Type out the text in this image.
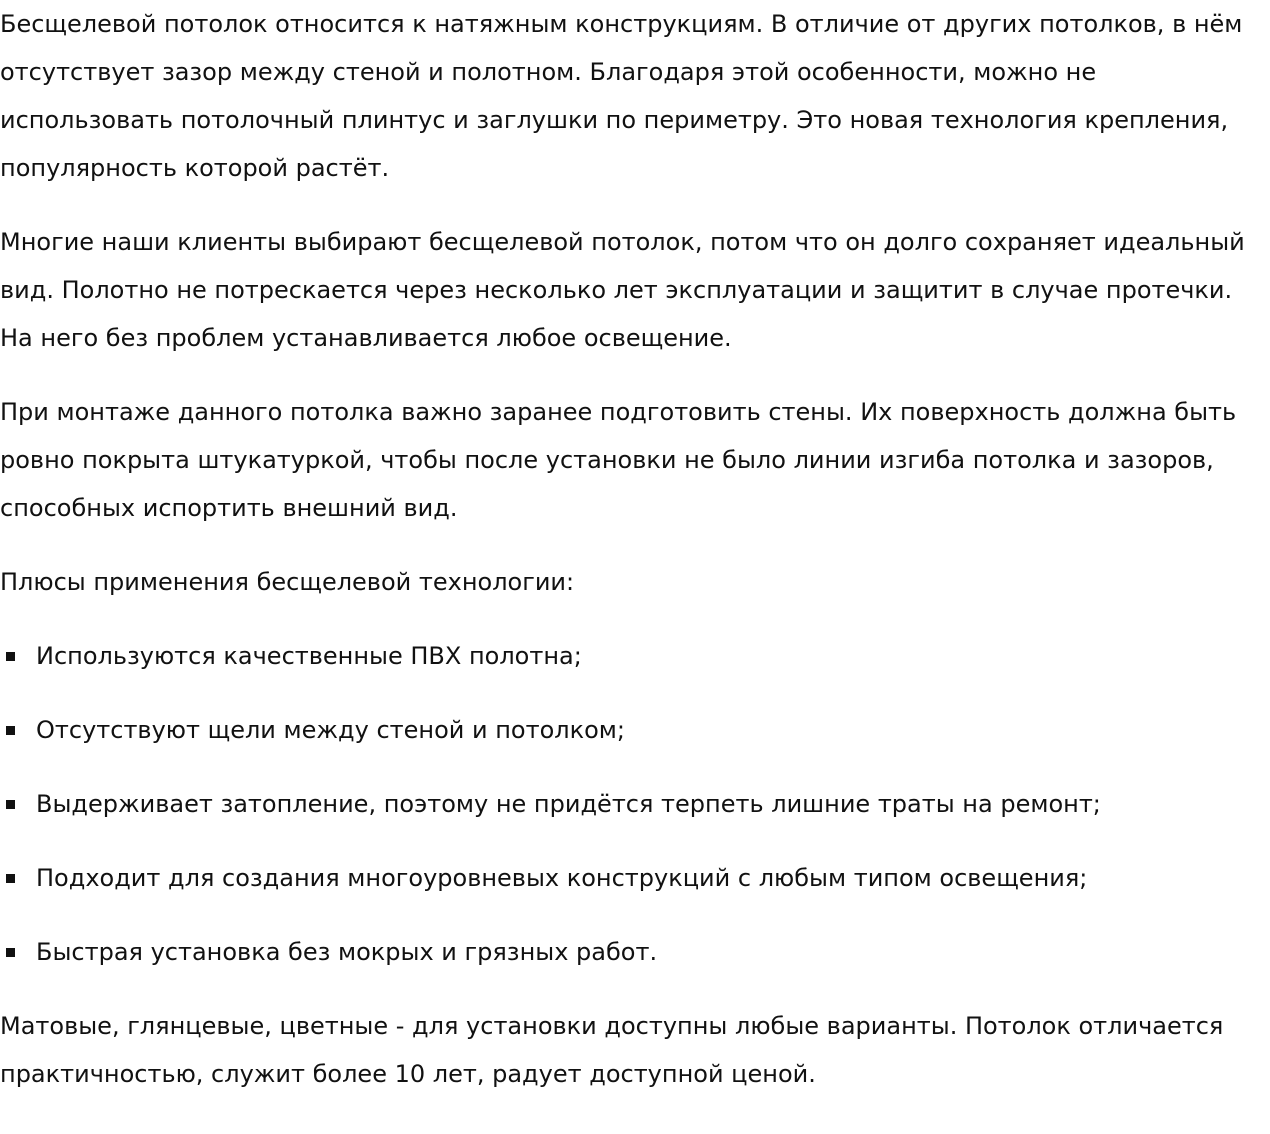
Бесщелевой потолок относится к натяжным конструкциям. В отличие от других потолков, в нём отсутствует зазор между стеной и полотном. Благодаря этой особенности, можно не использовать потолочный плинтус и заглушки по периметру. Это новая технология крепления, популярность которой растёт.

Многие наши клиенты выбирают бесщелевой потолок, потом что он долго сохраняет идеальный вид. Полотно не потрескается через несколько лет эксплуатации и защитит в случае протечки. На него без проблем устанавливается любое освещение.

При монтаже данного потолка важно заранее подготовить стены. Их поверхность должна быть ровно покрыта штукатуркой, чтобы после установки не было линии изгиба потолка и зазоров, способных испортить внешний вид.

Плюсы применения бесщелевой технологии:

Используются качественные ПВХ полотна;
Отсутствуют щели между стеной и потолком;
Выдерживает затопление, поэтому не придётся терпеть лишние траты на ремонт;
Подходит для создания многоуровневых конструкций с любым типом освещения;
Быстрая установка без мокрых и грязных работ.

Матовые, глянцевые, цветные - для установки доступны любые варианты. Потолок отличается практичностью, служит более 10 лет, радует доступной ценой.
